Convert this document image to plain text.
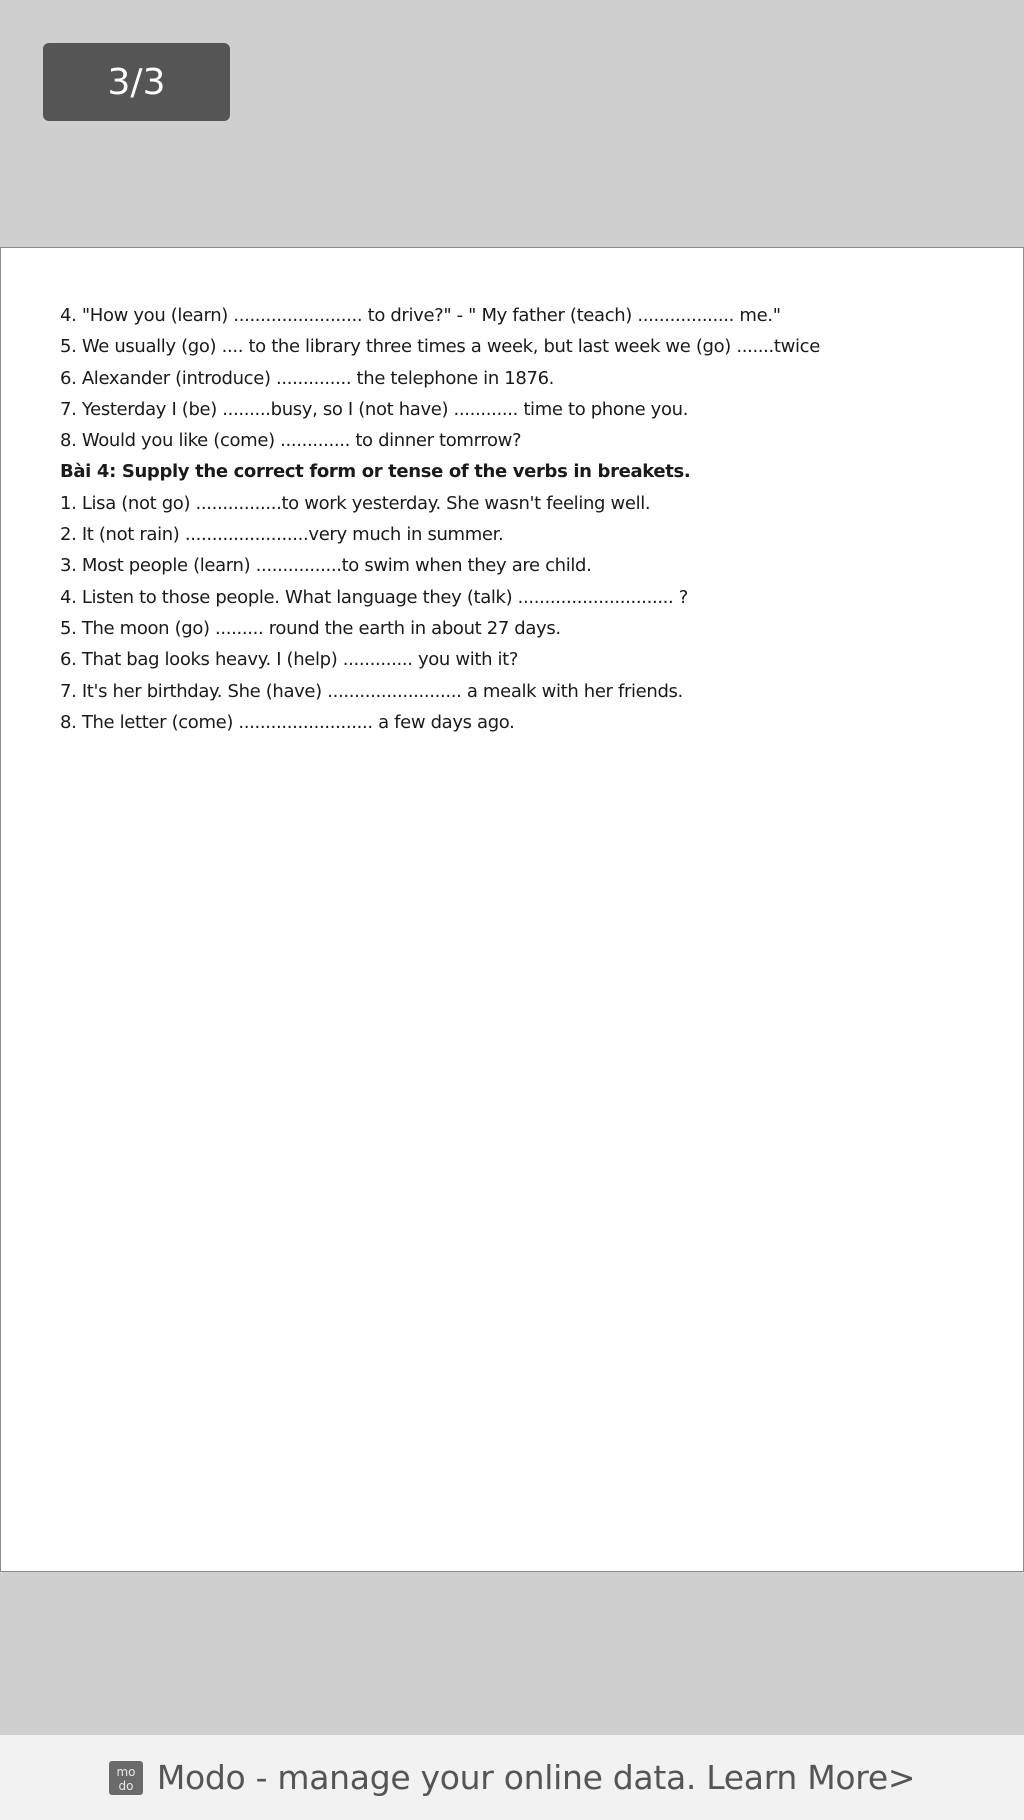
3/3
4. "How you (learn) ........................ to drive?" - " My father (teach) .................. me."
5. We usually (go) .... to the library three times a week, but last week we (go) .......twice
6. Alexander (introduce) .............. the telephone in 1876.
7. Yesterday I (be) .........busy, so I (not have) ............ time to phone you.
8. Would you like (come) ............. to dinner tomrrow?
Bài 4: Supply the correct form or tense of the verbs in breakets.
1. Lisa (not go) ................to work yesterday. She wasn't feeling well.
2. It (not rain) .......................very much in summer.
3. Most people (learn) ................to swim when they are child.
4. Listen to those people. What language they (talk) ............................. ?
5. The moon (go) ......... round the earth in about 27 days.
6. That bag looks heavy. I (help) ............. you with it?
7. It's her birthday. She (have) ......................... a mealk with her friends.
8. The letter (come) ......................... a few days ago.
mo
do Modo - manage your online data. Learn More>
